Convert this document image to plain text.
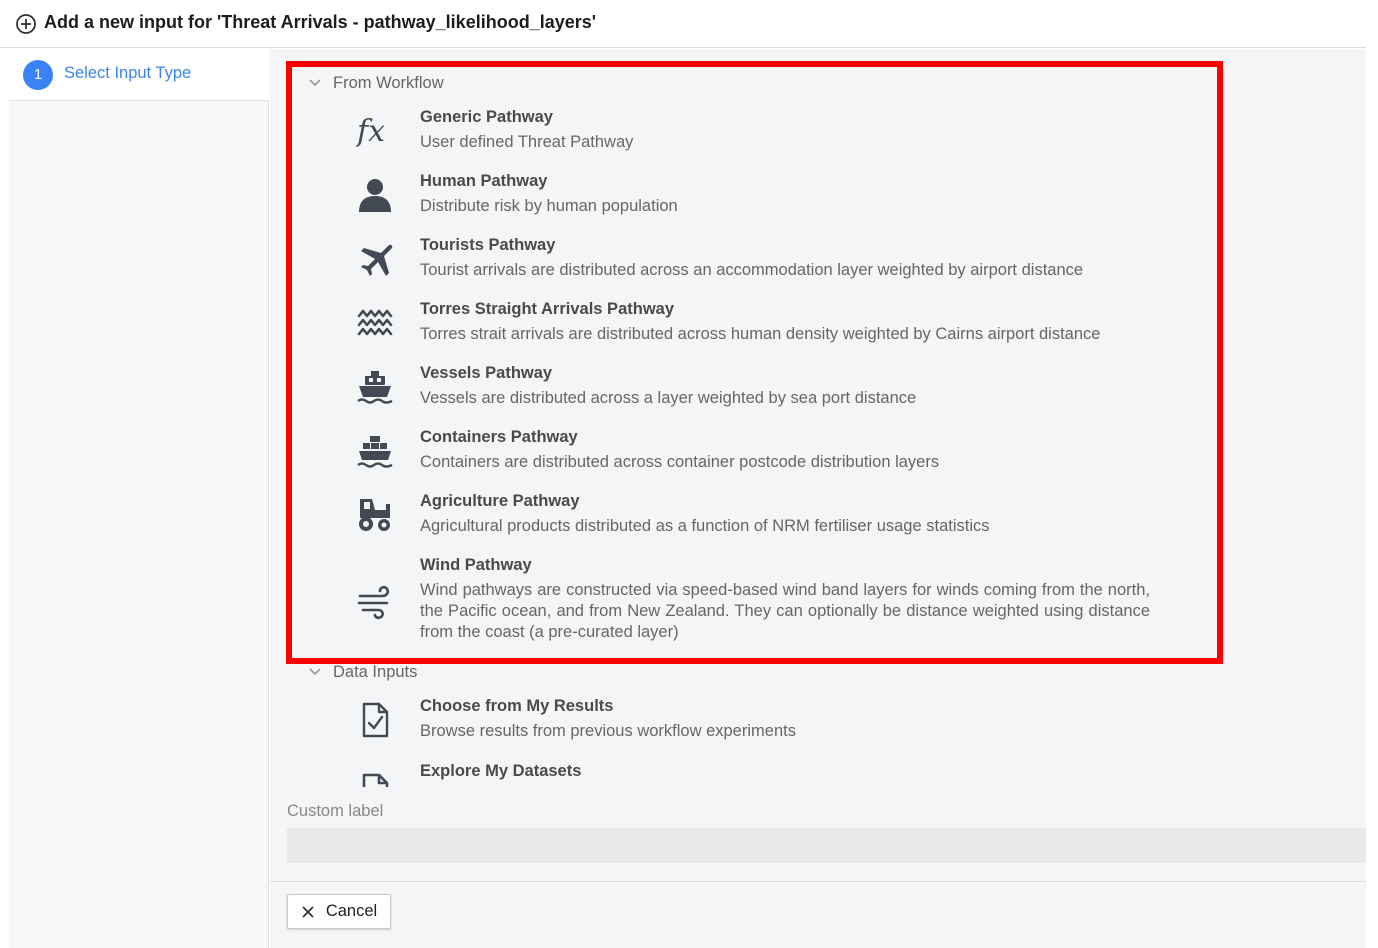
Add a new input for 'Threat Arrivals - pathway_likelihood_layers'
1	Select Input Type
From Workflow
fx Generic Pathway
User defined Threat Pathway
Human Pathway
Distribute risk by human population
Tourists Pathway
Tourist arrivals are distributed across an accommodation layer weighted by airport distance
Torres Straight Arrivals Pathway
Torres strait arrivals are distributed across human density weighted by Cairns airport distance
Vessels Pathway
Vessels are distributed across a layer weighted by sea port distance
Containers Pathway
Containers are distributed across container postcode distribution layers
Agriculture Pathway
Agricultural products distributed as a function of NRM fertiliser usage statistics
Wind Pathway
Wind pathways are constructed via speed-based wind band layers for winds coming from the north, the Pacific ocean, and from New Zealand. They can optionally be distance weighted using distance from the coast (a pre-curated layer)
Data Inputs
Choose from My Results
Browse results from previous workflow experiments
Explore My Datasets
Custom label
Cancel
